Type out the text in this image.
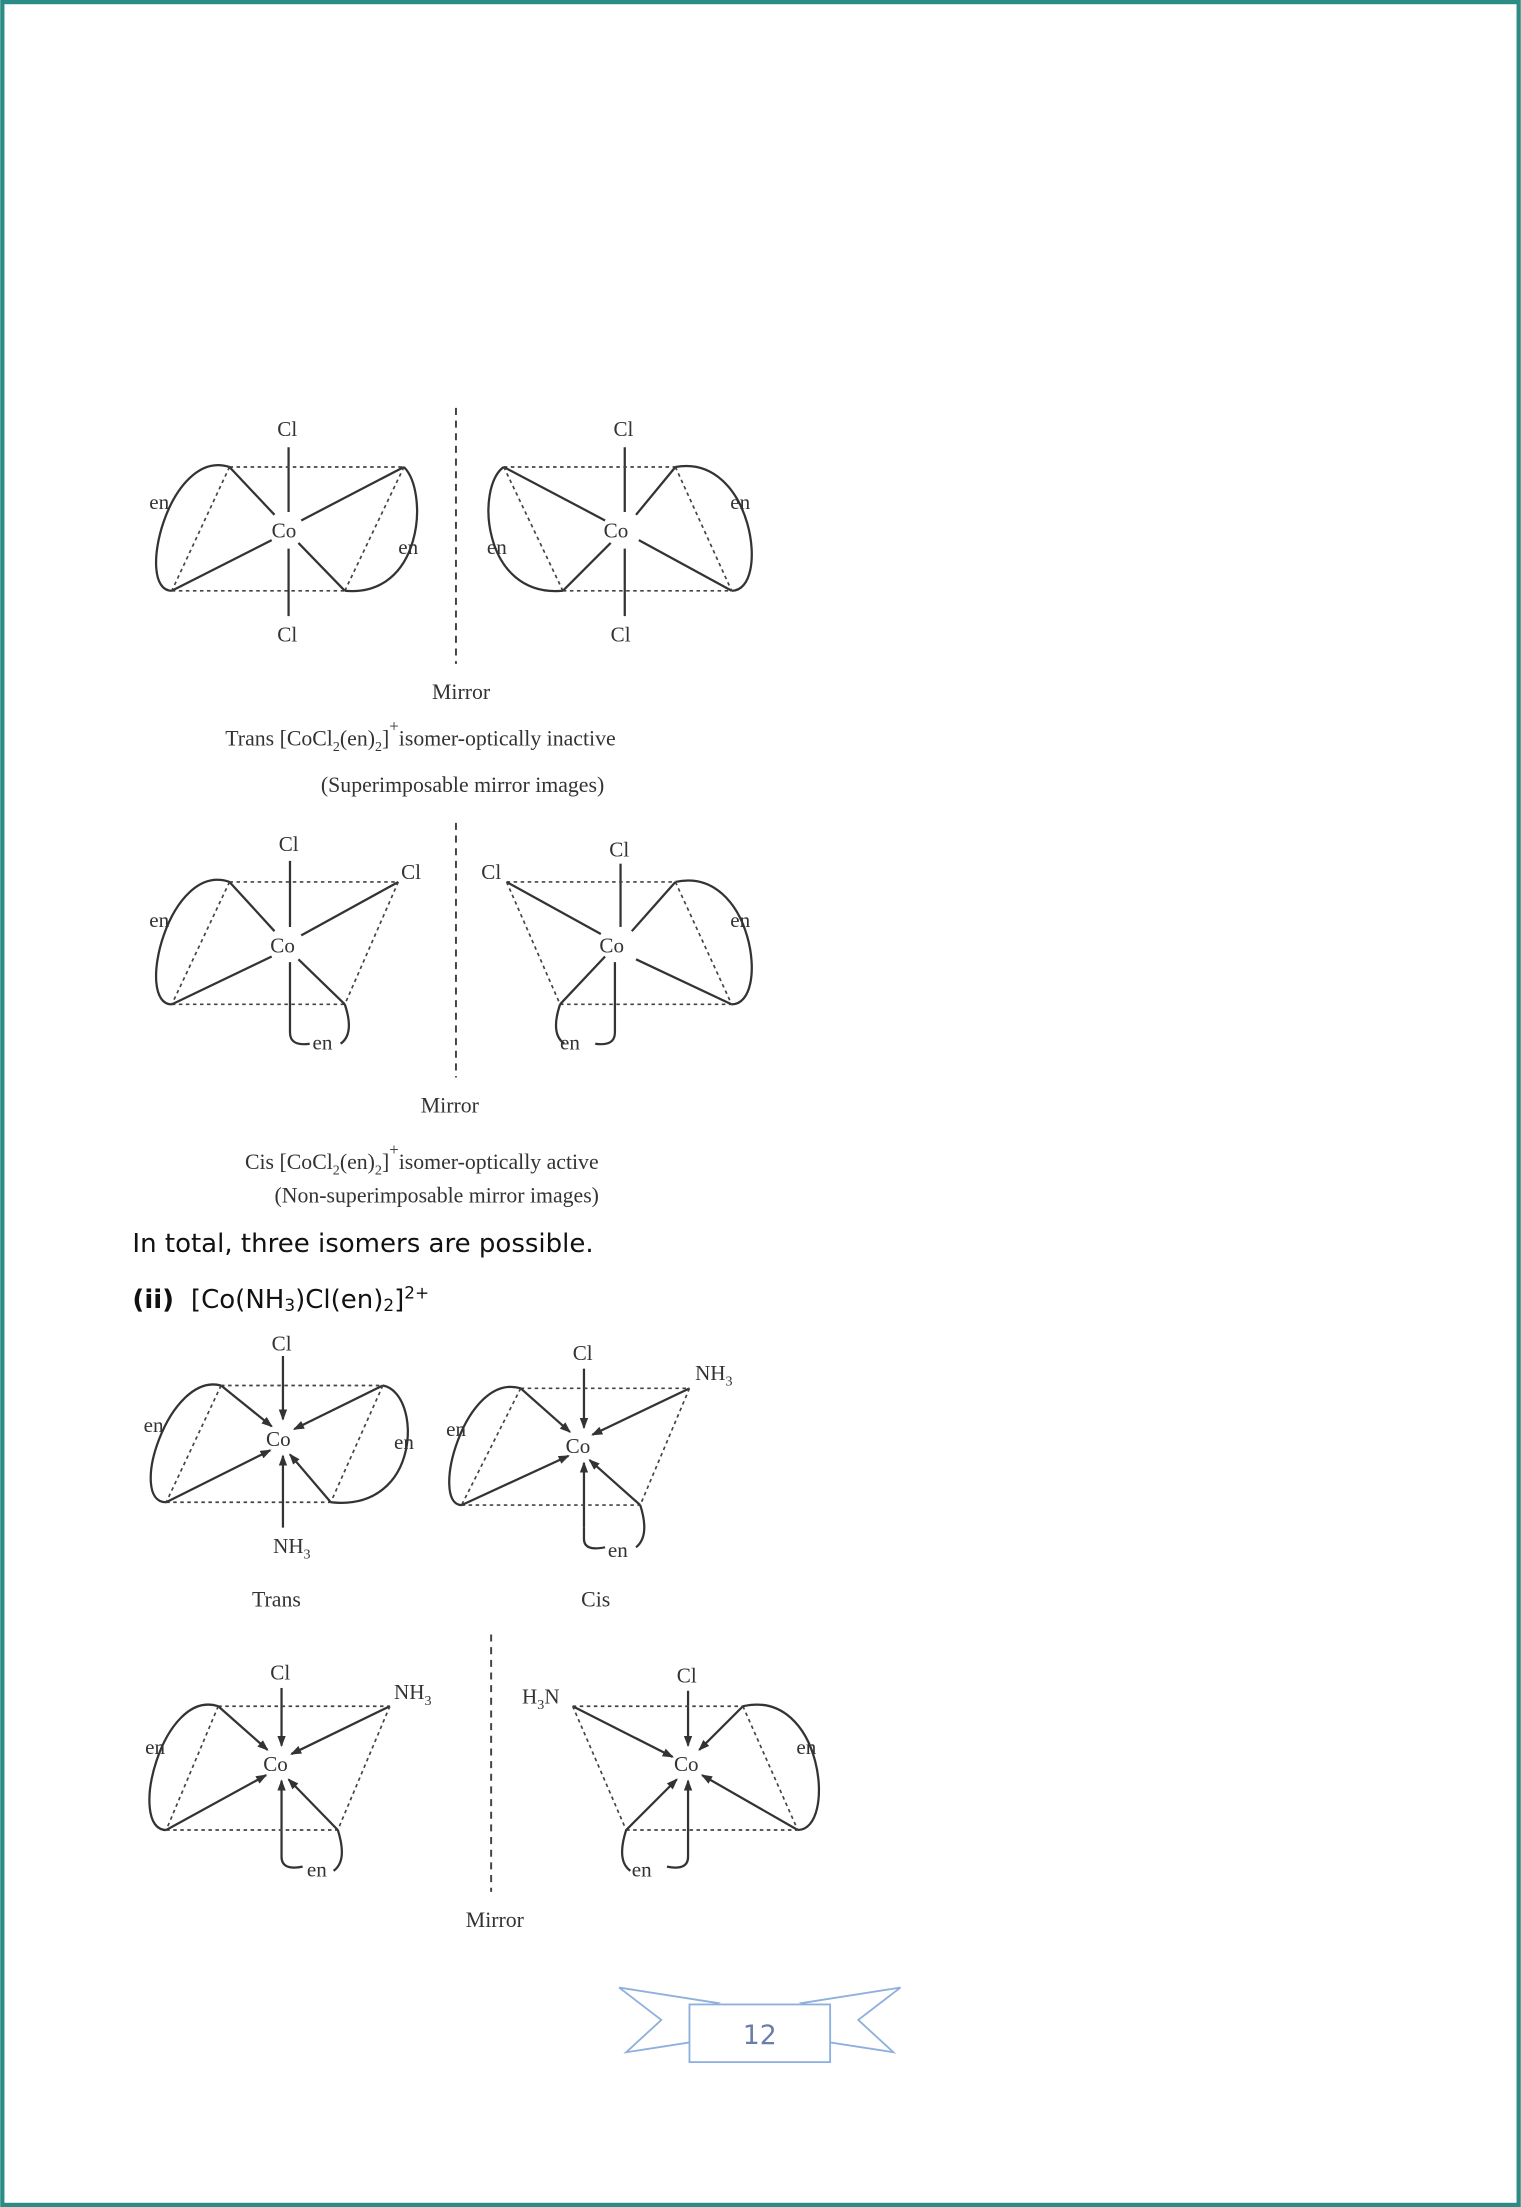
Cl
Co
Cl
en
en
Cl
Co
Cl
en
en
Mirror
Trans $[CoCl_2(en)_2]^+isomer$-optically inactive
(Superimposable mirror images)
Cl
Cl
Co
en
en
Cl
Cl
Co
en
en
Mirror
Cis $[CoCl_2(en)_2]^+isomer$-optically active
(Non-superimposable mirror images)
In total, three isomers are possible.
(ii) $[Co(NH3)Cl(en)2]^{2+}$
Cl
Co
$NH_3$
en
en
Trans
Cl
$NH_3$
Co
en
en
Cis
Cl
$NH_3$
Co
en
en
Mirror
Cl
$H_3N$
Co
en
en
12
